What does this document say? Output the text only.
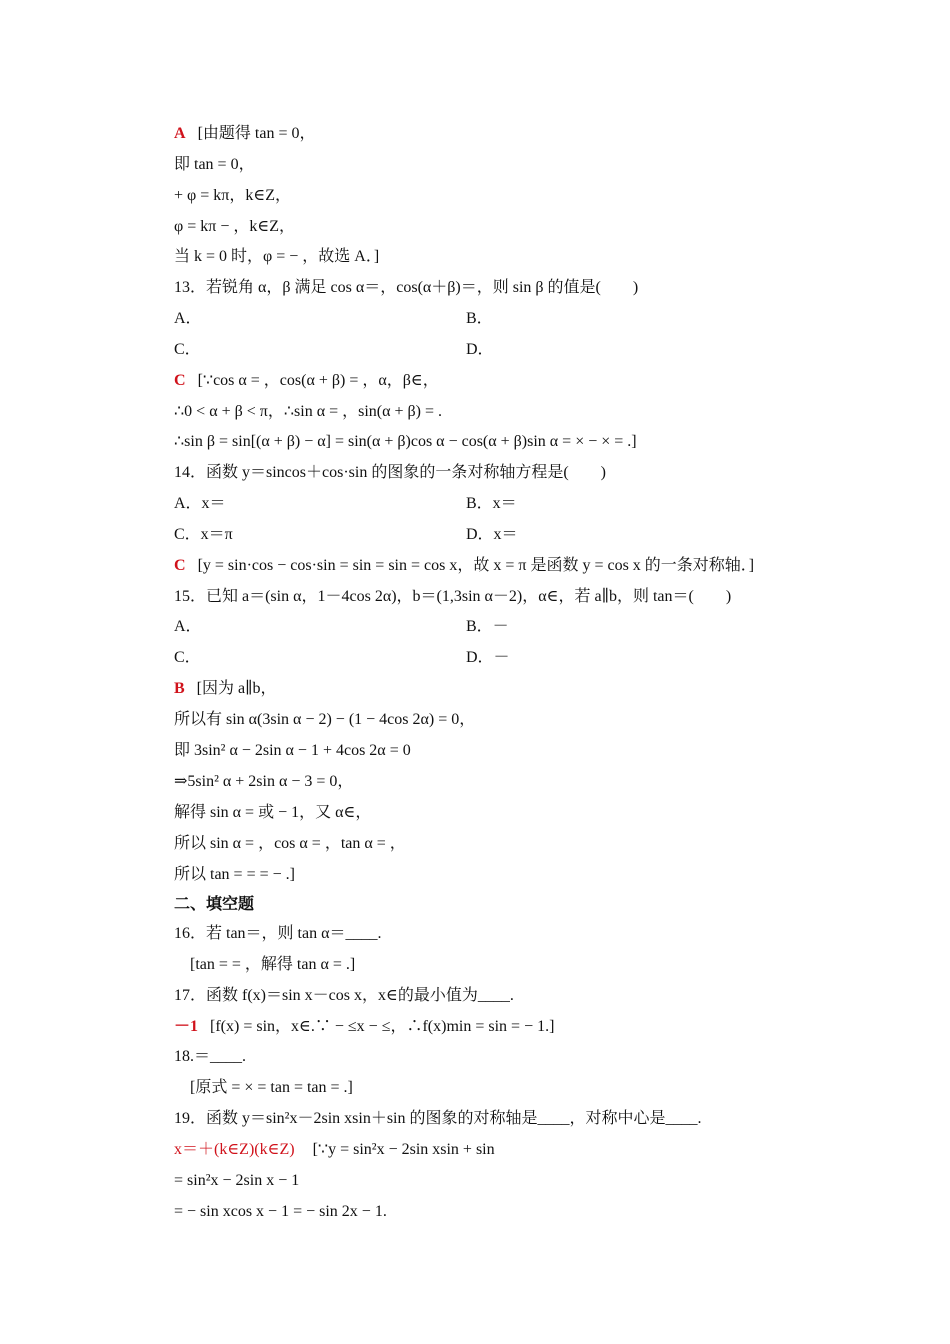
A [由题得 tan = 0，
即 tan = 0，
+ φ = kπ，k∈Z，
φ = kπ − ，k∈Z，
当 k = 0 时，φ = − ，故选 A．]
13．若锐角 α，β 满足 cos α＝，cos(α＋β)＝，则 sin β 的值是(　　)
A．	B．
C．	D．
C [∵cos α = ，cos(α + β) = ，α，β∈，
∴0 < α + β < π，∴sin α = ，sin(α + β) = .
∴sin β = sin[(α + β) − α] = sin(α + β)cos α − cos(α + β)sin α = × − × = .]
14．函数 y＝sincos＋cos·sin 的图象的一条对称轴方程是(　　)
A．x＝	B．x＝
C．x＝π	D．x＝
C [y = sin·cos − cos·sin = sin = sin = cos x，故 x = π 是函数 y = cos x 的一条对称轴．]
15．已知 a＝(sin α，1－4cos 2α)，b＝(1,3sin α－2)，α∈，若 a∥b，则 tan＝(　　)
A．	B．－
C．	D．－
B [因为 a∥b，
所以有 sin α(3sin α − 2) − (1 − 4cos 2α) = 0，
即 3sin² α − 2sin α − 1 + 4cos 2α = 0
⇒5sin² α + 2sin α − 3 = 0，
解得 sin α = 或 − 1，又 α∈，
所以 sin α = ，cos α = ，tan α = ，
所以 tan = = = − .]
二、填空题
16．若 tan＝，则 tan α＝____.
[tan = = ，解得 tan α = .]
17．函数 f(x)＝sin x－cos x，x∈的最小值为____.
－1 [f(x) = sin，x∈.∵ − ≤x − ≤，∴f(x)min = sin = − 1.]
18.＝____.
[原式 = × = tan = tan = .]
19．函数 y＝sin²x－2sin xsin＋sin 的图象的对称轴是____，对称中心是____.
x＝＋(k∈Z)(k∈Z) [∵y = sin²x − 2sin xsin + sin
= sin²x − 2sin x − 1
= − sin xcos x − 1 = − sin 2x − 1.
